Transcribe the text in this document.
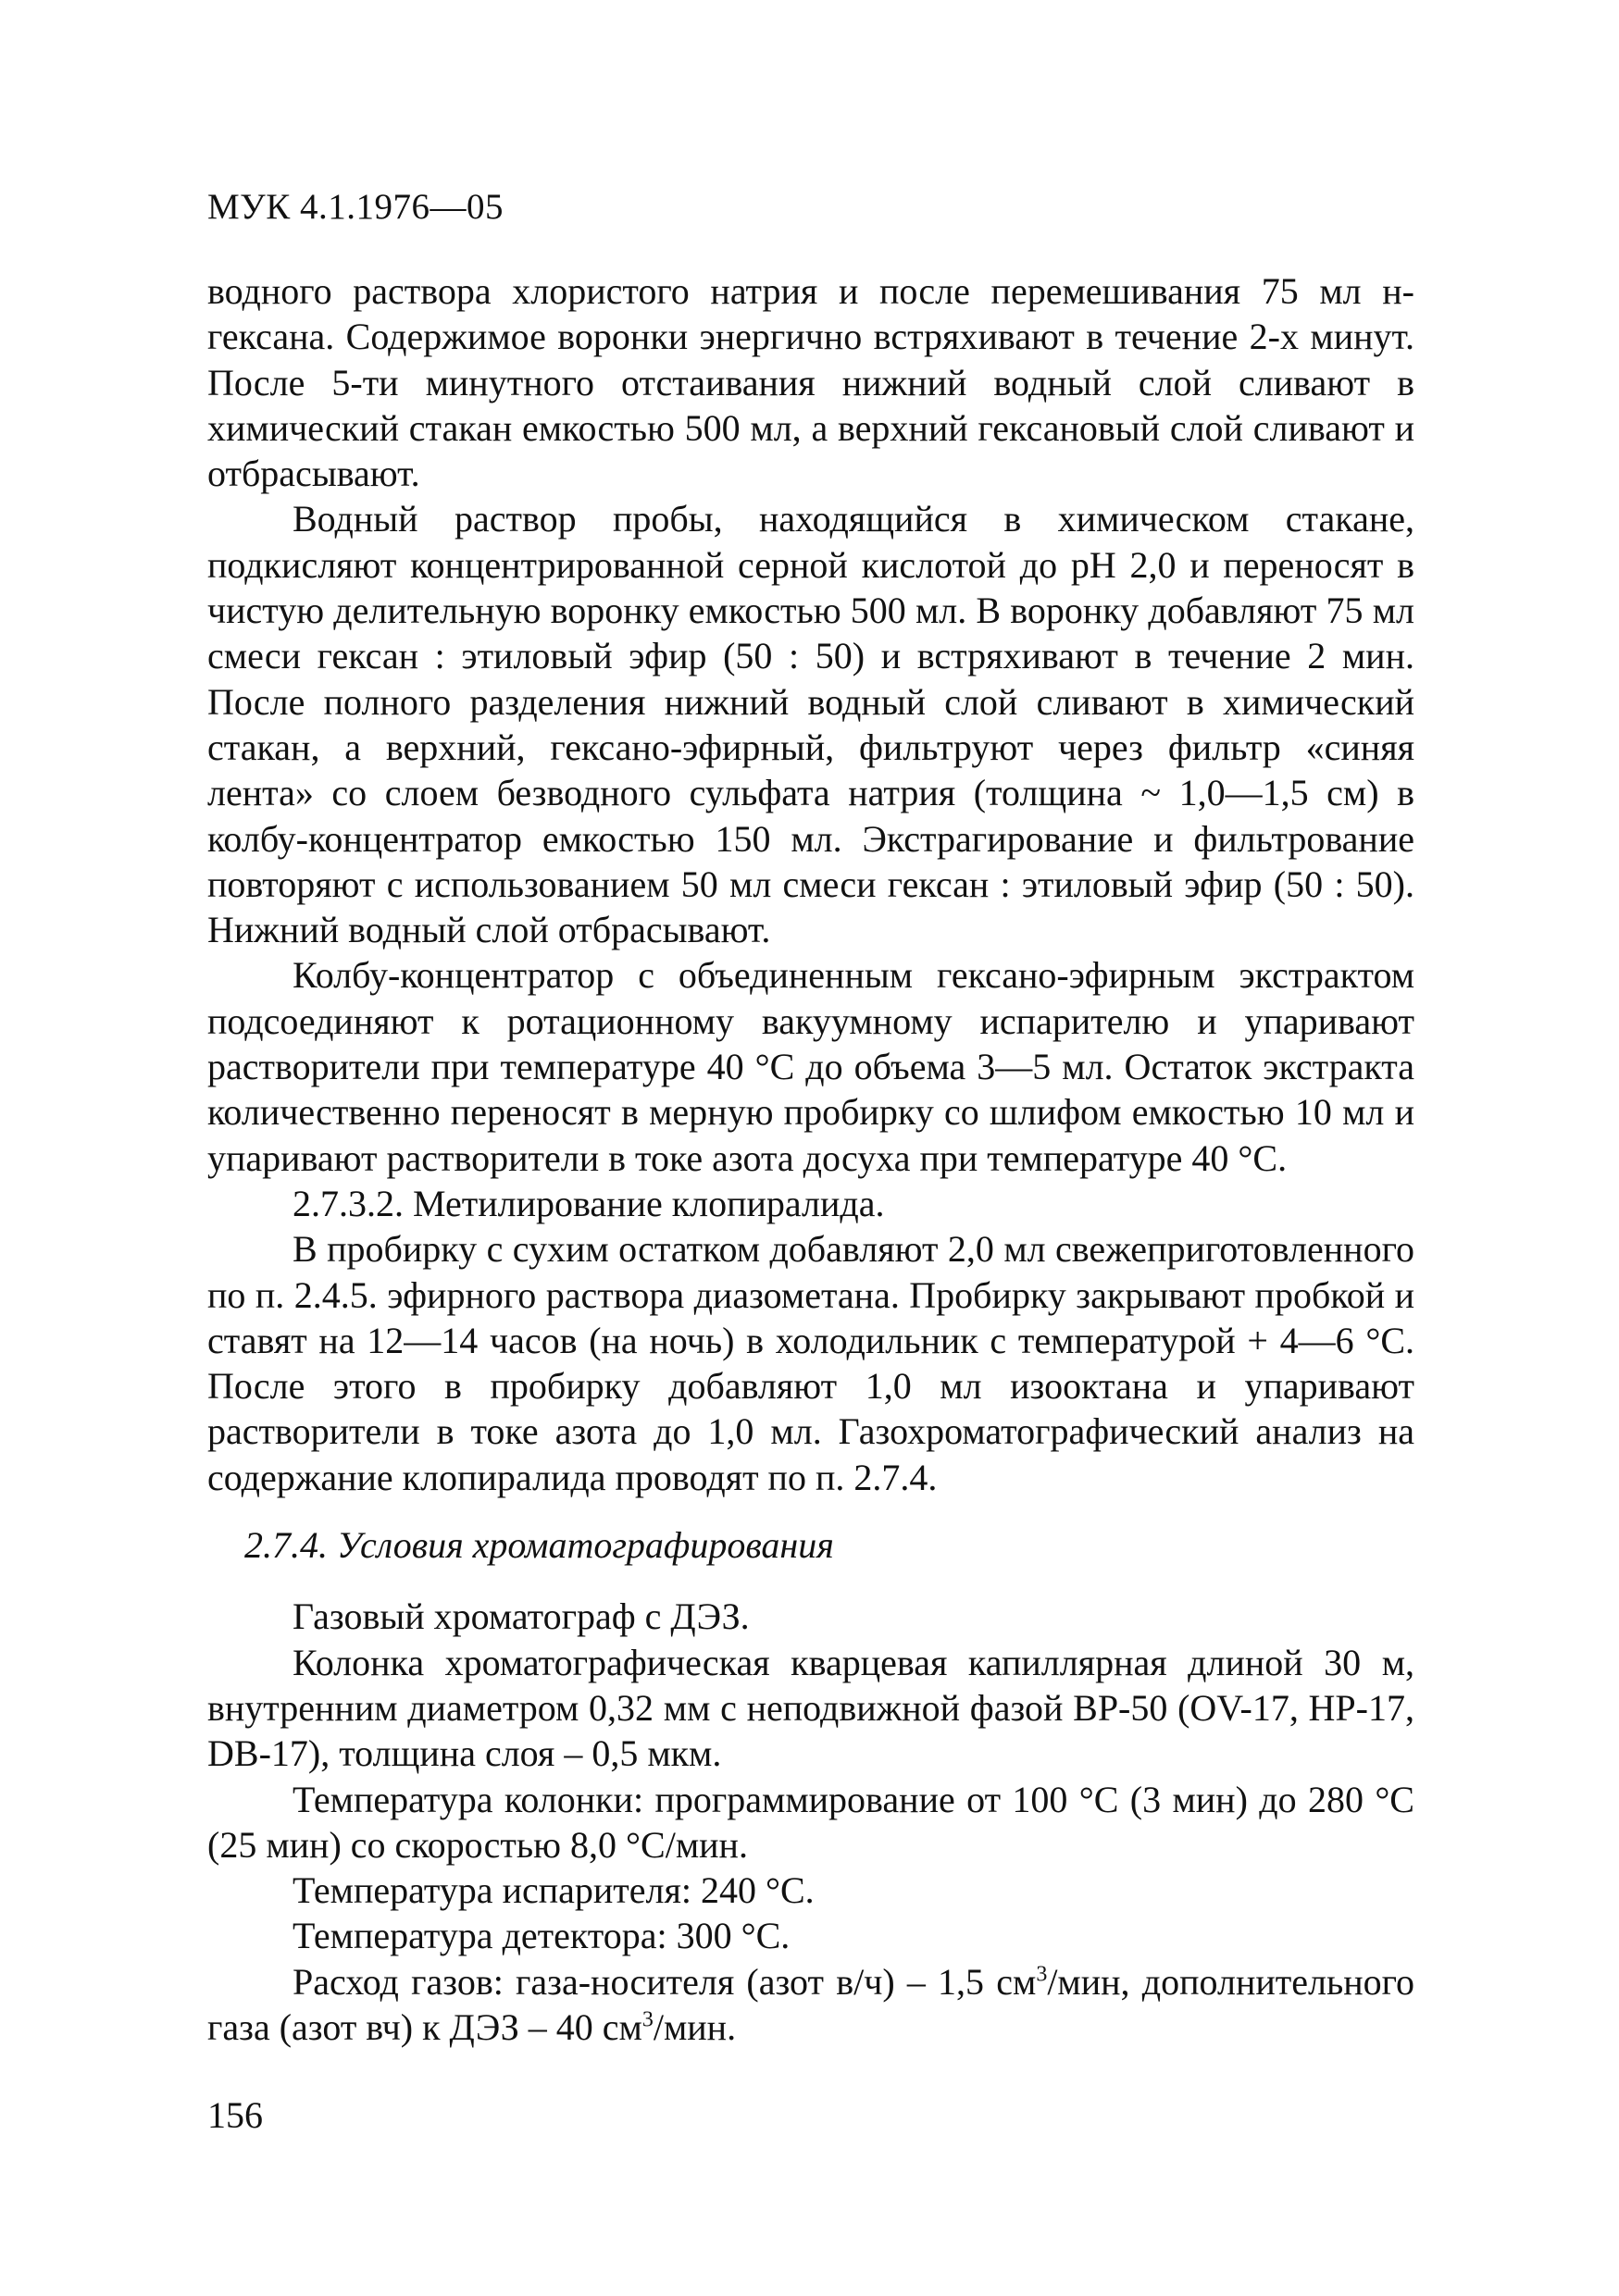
МУК 4.1.1976—05

водного раствора хлористого натрия и после перемешивания 75 мл н-гексана. Содержимое воронки энергично встряхивают в течение 2-х минут. После 5-ти минутного отстаивания нижний водный слой сливают в химический стакан емкостью 500 мл, а верхний гексановый слой сливают и отбрасывают.

Водный раствор пробы, находящийся в химическом стакане, подкисляют концентрированной серной кислотой до pH 2,0 и переносят в чистую делительную воронку емкостью 500 мл. В воронку добавляют 75 мл смеси гексан : этиловый эфир (50 : 50) и встряхивают в течение 2 мин. После полного разделения нижний водный слой сливают в химический стакан, а верхний, гексано-эфирный, фильтруют через фильтр «синяя лента» со слоем безводного сульфата натрия (толщина ~ 1,0—1,5 см) в колбу-концентратор емкостью 150 мл. Экстрагирование и фильтрование повторяют с использованием 50 мл смеси гексан : этиловый эфир (50 : 50). Нижний водный слой отбрасывают.

Колбу-концентратор с объединенным гексано-эфирным экстрактом подсоединяют к ротационному вакуумному испарителю и упаривают растворители при температуре 40 °С до объема 3—5 мл. Остаток экстракта количественно переносят в мерную пробирку со шлифом емкостью 10 мл и упаривают растворители в токе азота досуха при температуре 40 °С.

2.7.3.2. Метилирование клопиралида.

В пробирку с сухим остатком добавляют 2,0 мл свежеприготовленного по п. 2.4.5. эфирного раствора диазометана. Пробирку закрывают пробкой и ставят на 12—14 часов (на ночь) в холодильник с температурой + 4—6 °С. После этого в пробирку добавляют 1,0 мл изооктана и упаривают растворители в токе азота до 1,0 мл. Газохроматографический анализ на содержание клопиралида проводят по п. 2.7.4.

2.7.4. Условия хроматографирования

Газовый хроматограф с ДЭЗ.

Колонка хроматографическая кварцевая капиллярная длиной 30 м, внутренним диаметром 0,32 мм с неподвижной фазой BP-50 (OV-17, HP-17, DB-17), толщина слоя – 0,5 мкм.

Температура колонки: программирование от 100 °С (3 мин) до 280 °С (25 мин) со скоростью 8,0 °С/мин.

Температура испарителя: 240 °С.

Температура детектора: 300 °С.

Расход газов: газа-носителя (азот в/ч) – 1,5 $см^3$/мин, дополнительного газа (азот вч) к ДЭЗ – 40 $см^3$/мин.

156
